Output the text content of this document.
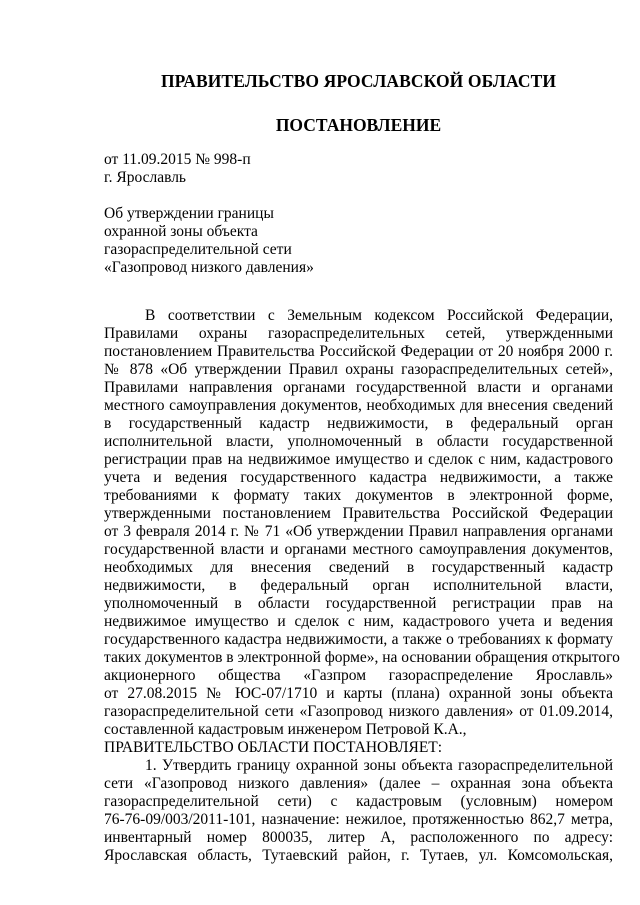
ПРАВИТЕЛЬСТВО ЯРОСЛАВСКОЙ ОБЛАСТИ
ПОСТАНОВЛЕНИЕ
от 11.09.2015 № 998-п
г. Ярославль
Об утверждении границы
охранной зоны объекта
газораспределительной сети
«Газопровод низкого давления»

В соответствии с Земельным кодексом Российской Федерации,
Правилами охраны газораспределительных сетей, утвержденными
постановлением Правительства Российской Федерации от 20 ноября 2000 г.
№ 878 «Об утверждении Правил охраны газораспределительных сетей»,
Правилами направления органами государственной власти и органами
местного самоуправления документов, необходимых для внесения сведений
в государственный кадастр недвижимости, в федеральный орган
исполнительной власти, уполномоченный в области государственной
регистрации прав на недвижимое имущество и сделок с ним, кадастрового
учета и ведения государственного кадастра недвижимости, а также
требованиями к формату таких документов в электронной форме,
утвержденными постановлением Правительства Российской Федерации
от 3 февраля 2014 г. № 71 «Об утверждении Правил направления органами
государственной власти и органами местного самоуправления документов,
необходимых для внесения сведений в государственный кадастр
недвижимости, в федеральный орган исполнительной власти,
уполномоченный в области государственной регистрации прав на
недвижимое имущество и сделок с ним, кадастрового учета и ведения
государственного кадастра недвижимости, а также о требованиях к формату
таких документов в электронной форме», на основании обращения открытого
акционерного общества «Газпром газораспределение Ярославль»
от 27.08.2015 № ЮС-07/1710 и карты (плана) охранной зоны объекта
газораспределительной сети «Газопровод низкого давления» от 01.09.2014,
составленной кадастровым инженером Петровой К.А.,

ПРАВИТЕЛЬСТВО ОБЛАСТИ ПОСТАНОВЛЯЕТ:

1. Утвердить границу охранной зоны объекта газораспределительной
сети «Газопровод низкого давления» (далее – охранная зона объекта
газораспределительной сети) с кадастровым (условным) номером
76-76-09/003/2011-101, назначение: нежилое, протяженностью 862,7 метра,
инвентарный номер 800035, литер А, расположенного по адресу:
Ярославская область, Тутаевский район, г. Тутаев, ул. Комсомольская,
